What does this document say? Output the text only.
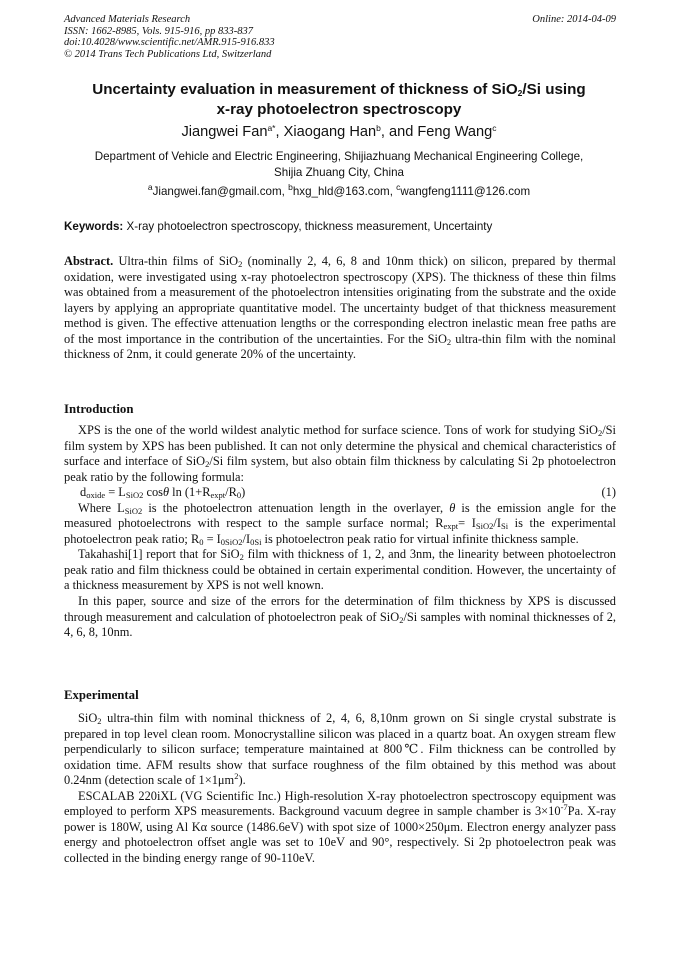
Advanced Materials Research
ISSN: 1662-8985, Vols. 915-916, pp 833-837
doi:10.4028/www.scientific.net/AMR.915-916.833
© 2014 Trans Tech Publications Ltd, Switzerland
Online: 2014-04-09
Uncertainty evaluation in measurement of thickness of SiO$_2$/Si using
x-ray photoelectron spectroscopy
Jiangwei Fan$^{a*}$, Xiaogang Han$^b$, and Feng Wang$^c$
Department of Vehicle and Electric Engineering, Shijiazhuang Mechanical Engineering College,
Shijia Zhuang City, China
$^a$Jiangwei.fan@gmail.com, $^b$hxg_hld@163.com, $^c$wangfeng1111@126.com
Keywords: X-ray photoelectron spectroscopy, thickness measurement, Uncertainty

Abstract. Ultra-thin films of SiO$_2$ (nominally 2, 4, 6, 8 and 10nm thick) on silicon, prepared by thermal oxidation, were investigated using x-ray photoelectron spectroscopy (XPS). The thickness of these thin films was obtained from a measurement of the photoelectron intensities originating from the substrate and the oxide layers by applying an appropriate quantitative model. The uncertainty budget of that thickness measurement method is given. The effective attenuation lengths or the corresponding electron inelastic mean free paths are of the most importance in the contribution of the uncertainties. For the SiO$_2$ ultra-thin film with the nominal thickness of 2nm, it could generate 20% of the uncertainty.

Introduction

XPS is the one of the world wildest analytic method for surface science. Tons of work for studying SiO$_2$/Si film system by XPS has been published. It can not only determine the physical and chemical characteristics of surface and interface of SiO$_2$/Si film system, but also obtain film thickness by calculating Si 2p photoelectron peak ratio by the following formula:

$d_{oxide} = L_{SiO2}$ cosθ $\ln (1+R_{expt}/R_0)$	(1)

Where $L_{SiO2}$ is the photoelectron attenuation length in the overlayer, θ is the emission angle for the measured photoelectrons with respect to the sample surface normal; $R_{expt}= I_{SiO2}/I_{Si}$ is the experimental photoelectron peak ratio; $R_0 = I_{0SiO2}/I_{0Si}$ is photoelectron peak ratio for virtual infinite thickness sample.

Takahashi[1] report that for SiO$_2$ film with thickness of 1, 2, and 3nm, the linearity between photoelectron peak ratio and film thickness could be obtained in certain experimental condition. However, the uncertainty of a thickness measurement by XPS is not well known.

In this paper, source and size of the errors for the determination of film thickness by XPS is discussed through measurement and calculation of photoelectron peak of SiO$_2$/Si samples with nominal thicknesses of 2, 4, 6, 8, 10nm.

Experimental

SiO$_2$ ultra-thin film with nominal thickness of 2, 4, 6, 8,10nm grown on Si single crystal substrate is prepared in top level clean room. Monocrystalline silicon was placed in a quartz boat. An oxygen stream flew perpendicularly to silicon surface; temperature maintained at 800℃. Film thickness can be controlled by oxidation time. AFM results show that surface roughness of the film obtained by this method was about 0.24nm (detection scale of $1\times 1\mu m^2$).

ESCALAB 220iXL (VG Scientific Inc.) High-resolution X-ray photoelectron spectroscopy equipment was employed to perform XPS measurements. Background vacuum degree in sample chamber is $3\times 10^{-7}Pa$. X-ray power is 180W, using Al Kα source (1486.6eV) with spot size of 1000×250μm. Electron energy analyzer pass energy and photoelectron offset angle was set to 10eV and 90°, respectively. Si 2p photoelectron peak was collected in the binding energy range of 90-110eV.
